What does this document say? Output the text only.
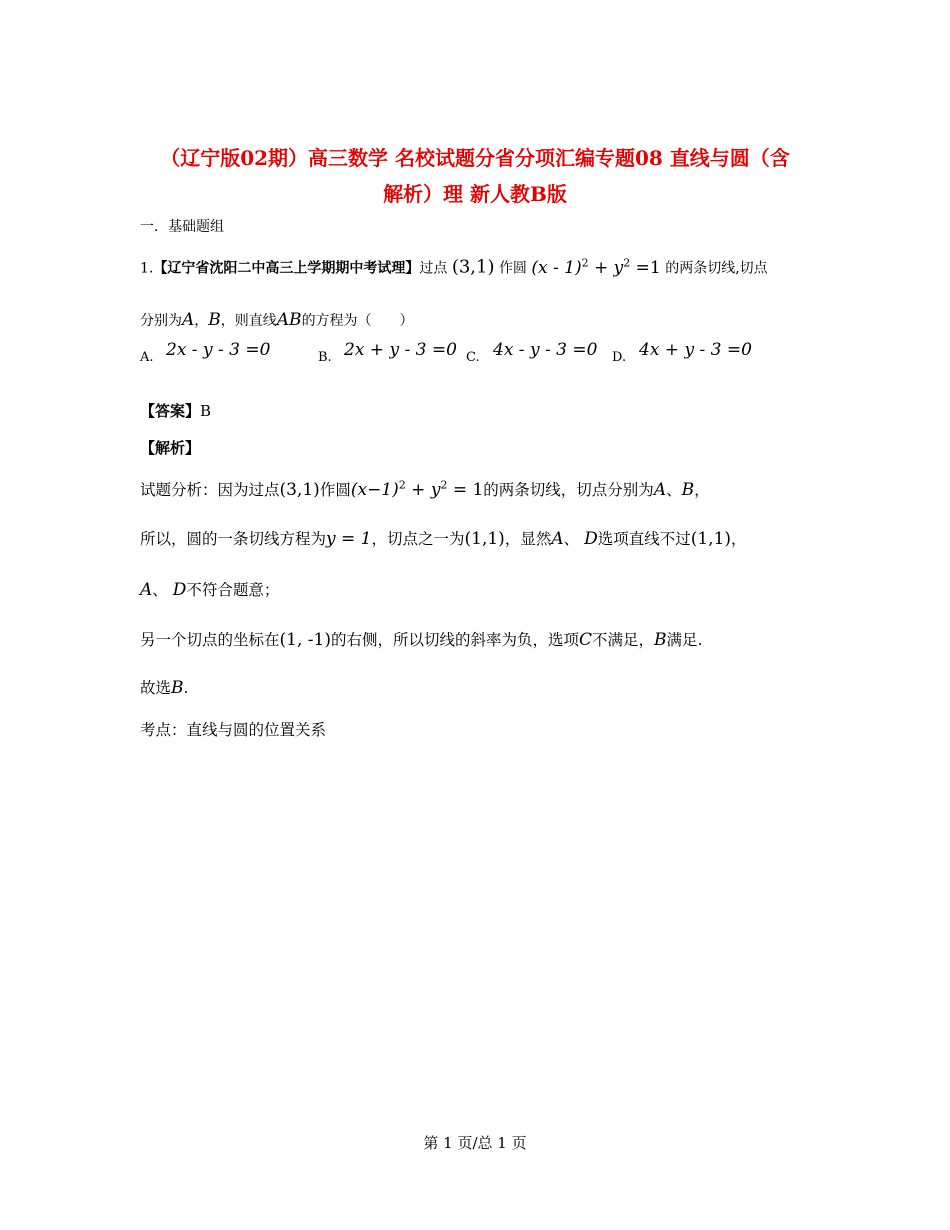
（辽宁版02期）高三数学 名校试题分省分项汇编专题08 直线与圆（含
解析）理 新人教B版
一．基础题组
1.【辽宁省沈阳二中高三上学期期中考试理】过点 (3,1) 作圆 $(x - 1)^2 + y^2 =1$ 的两条切线,切点
分别为A，B，则直线AB的方程为（　　）
A. 2x - y - 3 =0	B. 2x + y - 3 =0 C. 4x - y - 3 =0 D. 4x + y - 3 =0
【答案】B
【解析】
试题分析：因为过点(3,1)作圆$(x-1)^2 + y^2 = 1$的两条切线，切点分别为A、B，
所以，圆的一条切线方程为y = 1，切点之一为(1,1)，显然A、 D选项直线不过(1,1)，
A、 D不符合题意；
另一个切点的坐标在(1, -1)的右侧，所以切线的斜率为负，选项C不满足，B满足.
故选B.
考点：直线与圆的位置关系
第 1 页/总 1 页
